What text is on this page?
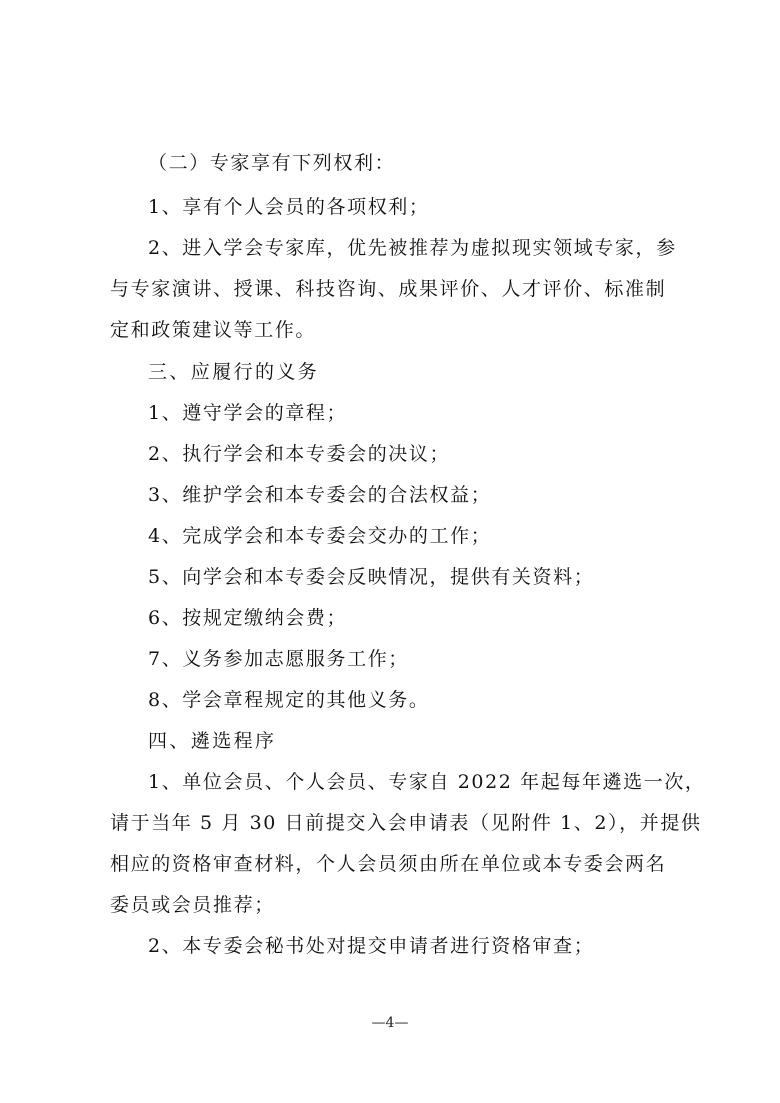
（二）专家享有下列权利：

1、享有个人会员的各项权利；

2、进入学会专家库，优先被推荐为虚拟现实领域专家，参

与专家演讲、授课、科技咨询、成果评价、人才评价、标准制

定和政策建议等工作。

三、应履行的义务

1、遵守学会的章程；

2、执行学会和本专委会的决议；

3、维护学会和本专委会的合法权益；

4、完成学会和本专委会交办的工作；

5、向学会和本专委会反映情况，提供有关资料；

6、按规定缴纳会费；

7、义务参加志愿服务工作；

8、学会章程规定的其他义务。

四、遴选程序

1、单位会员、个人会员、专家自 2022 年起每年遴选一次，

请于当年 5 月 30 日前提交入会申请表（见附件 1、2），并提供

相应的资格审查材料，个人会员须由所在单位或本专委会两名

委员或会员推荐；

2、本专委会秘书处对提交申请者进行资格审查；

—4—
